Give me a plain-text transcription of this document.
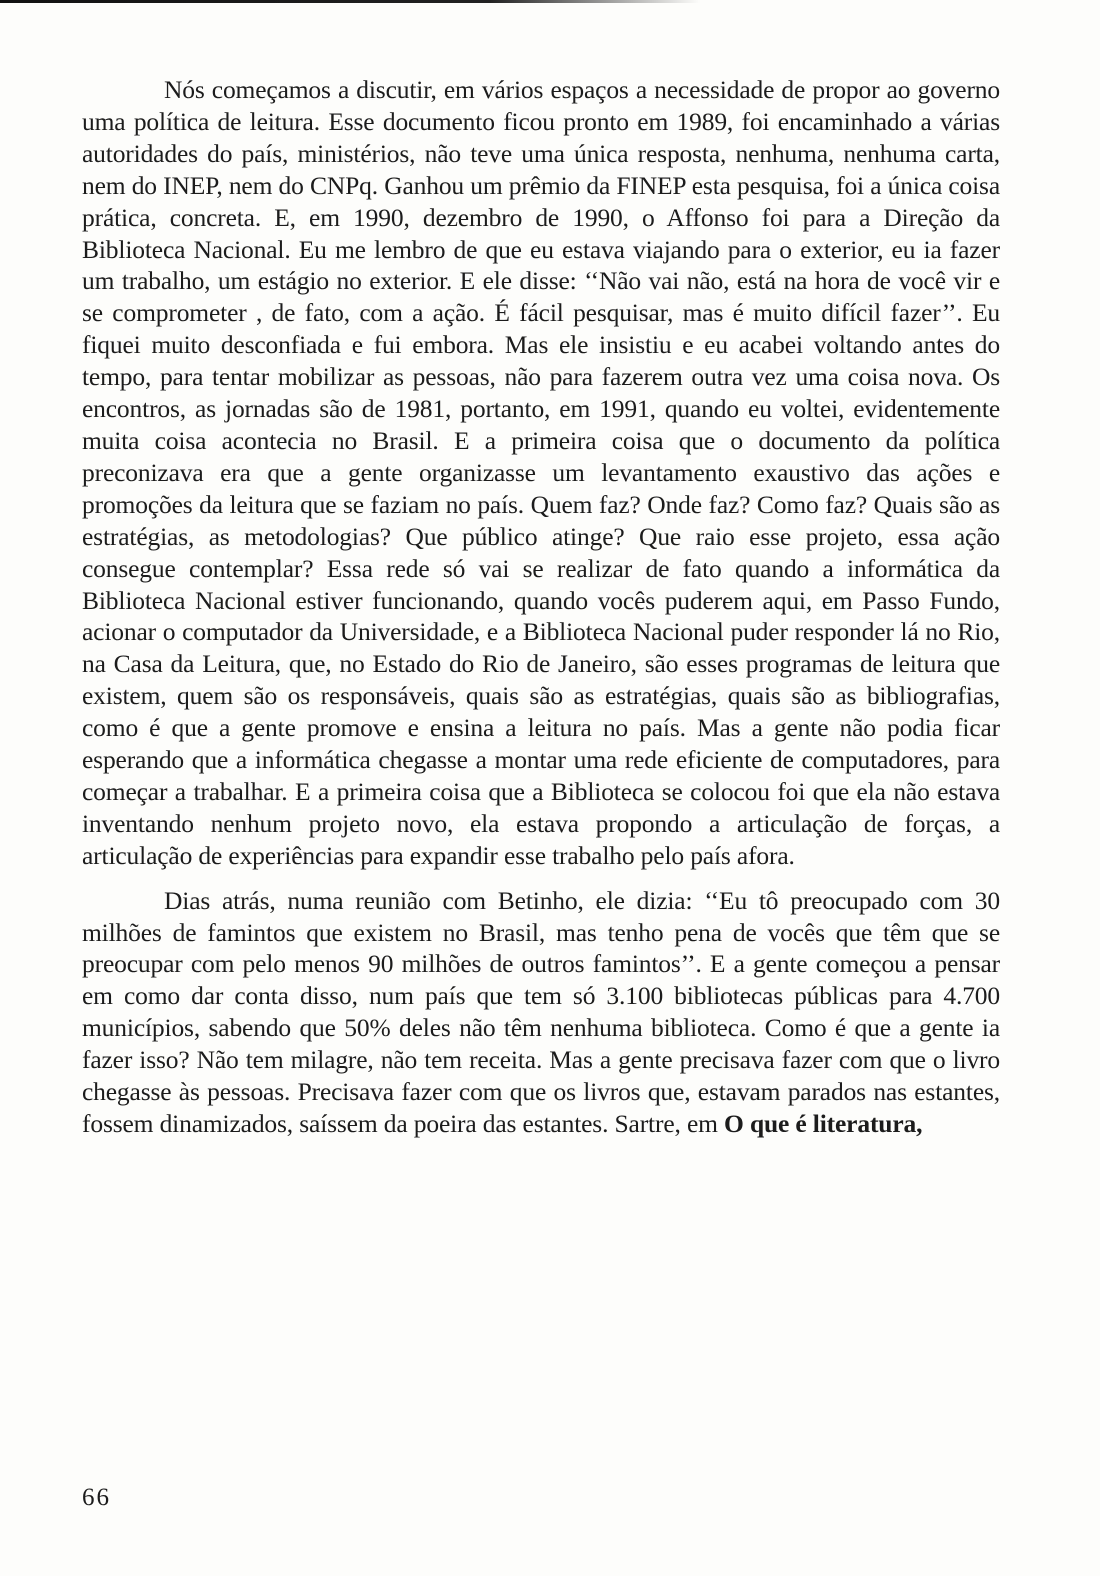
Nós começamos a discutir, em vários espaços a necessidade de propor ao governo uma política de leitura. Esse documento ficou pronto em 1989, foi encaminhado a várias autoridades do país, ministérios, não teve uma única resposta, nenhuma, nenhuma carta, nem do INEP, nem do CNPq. Ganhou um prêmio da FINEP esta pesquisa, foi a única coisa prática, concreta. E, em 1990, dezembro de 1990, o Affonso foi para a Direção da Biblioteca Nacional. Eu me lembro de que eu estava viajando para o exterior, eu ia fazer um trabalho, um estágio no exterior. E ele disse: ‘‘Não vai não, está na hora de você vir e se comprometer , de fato, com a ação. É fácil pesquisar, mas é muito difícil fazer’’. Eu fiquei muito desconfiada e fui embora. Mas ele insistiu e eu acabei voltando antes do tempo, para tentar mobilizar as pessoas, não para fazerem outra vez uma coisa nova. Os encontros, as jornadas são de 1981, portanto, em 1991, quando eu voltei, evidentemente muita coisa acontecia no Brasil. E a primeira coisa que o documento da política preconizava era que a gente organizasse um levantamento exaustivo das ações e promoções da leitura que se faziam no país. Quem faz? Onde faz? Como faz? Quais são as estratégias, as metodologias? Que público atinge? Que raio esse projeto, essa ação consegue contemplar? Essa rede só vai se realizar de fato quando a informática da Biblioteca Nacional estiver funcionando, quando vocês puderem aqui, em Passo Fundo, acionar o computador da Universidade, e a Biblioteca Nacional puder responder lá no Rio, na Casa da Leitura, que, no Estado do Rio de Janeiro, são esses programas de leitura que existem, quem são os responsáveis, quais são as estratégias, quais são as bibliografias, como é que a gente promove e ensina a leitura no país. Mas a gente não podia ficar esperando que a informática chegasse a montar uma rede eficiente de computadores, para começar a trabalhar. E a primeira coisa que a Biblioteca se colocou foi que ela não estava inventando nenhum projeto novo, ela estava propondo a articulação de forças, a articulação de experiências para expandir esse trabalho pelo país afora.

Dias atrás, numa reunião com Betinho, ele dizia: ‘‘Eu tô preocupado com 30 milhões de famintos que existem no Brasil, mas tenho pena de vocês que têm que se preocupar com pelo menos 90 milhões de outros famintos’’. E a gente começou a pensar em como dar conta disso, num país que tem só 3.100 bibliotecas públicas para 4.700 municípios, sabendo que 50% deles não têm nenhuma biblioteca. Como é que a gente ia fazer isso? Não tem milagre, não tem receita. Mas a gente precisava fazer com que o livro chegasse às pessoas. Precisava fazer com que os livros que, estavam parados nas estantes, fossem dinamizados, saíssem da poeira das estantes. Sartre, em O que é literatura,

66
